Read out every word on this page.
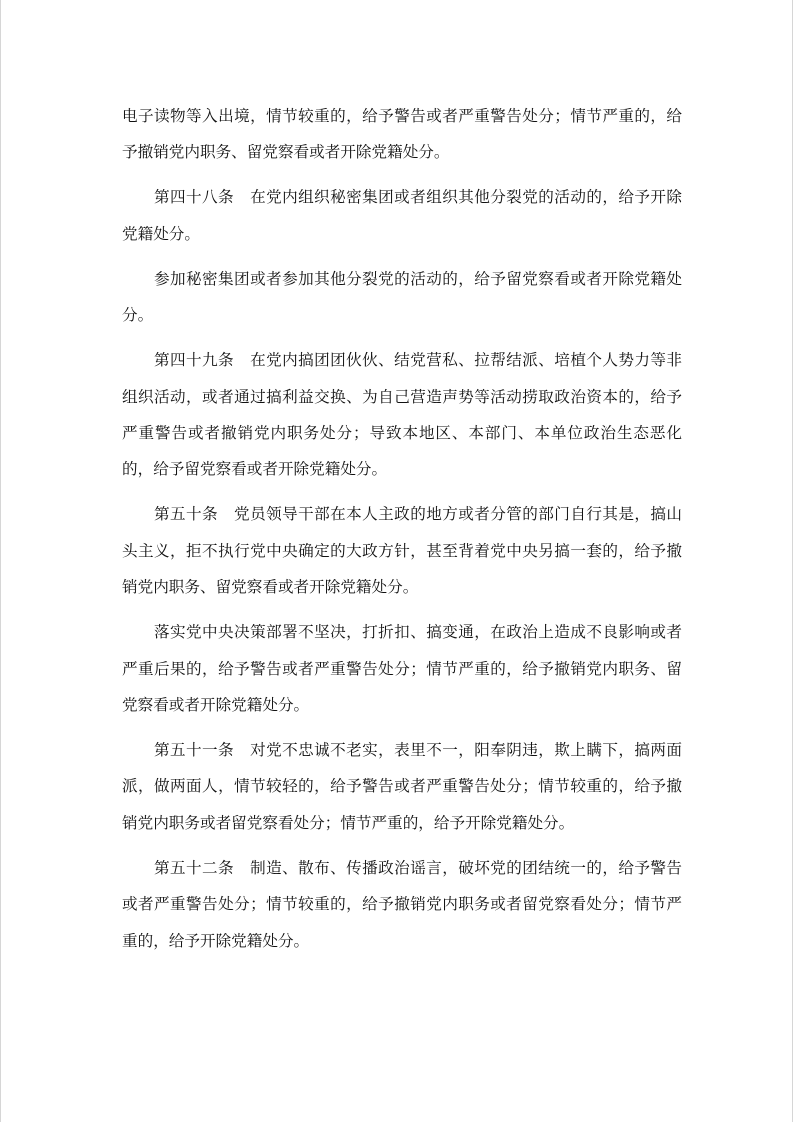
电子读物等入出境，情节较重的，给予警告或者严重警告处分；情节严重的，给予撤销党内职务、留党察看或者开除党籍处分。

第四十八条　在党内组织秘密集团或者组织其他分裂党的活动的，给予开除党籍处分。

参加秘密集团或者参加其他分裂党的活动的，给予留党察看或者开除党籍处分。

第四十九条　在党内搞团团伙伙、结党营私、拉帮结派、培植个人势力等非组织活动，或者通过搞利益交换、为自己营造声势等活动捞取政治资本的，给予严重警告或者撤销党内职务处分；导致本地区、本部门、本单位政治生态恶化的，给予留党察看或者开除党籍处分。

第五十条　党员领导干部在本人主政的地方或者分管的部门自行其是，搞山头主义，拒不执行党中央确定的大政方针，甚至背着党中央另搞一套的，给予撤销党内职务、留党察看或者开除党籍处分。

落实党中央决策部署不坚决，打折扣、搞变通，在政治上造成不良影响或者严重后果的，给予警告或者严重警告处分；情节严重的，给予撤销党内职务、留党察看或者开除党籍处分。

第五十一条　对党不忠诚不老实，表里不一，阳奉阴违，欺上瞒下，搞两面派，做两面人，情节较轻的，给予警告或者严重警告处分；情节较重的，给予撤销党内职务或者留党察看处分；情节严重的，给予开除党籍处分。

第五十二条　制造、散布、传播政治谣言，破坏党的团结统一的，给予警告或者严重警告处分；情节较重的，给予撤销党内职务或者留党察看处分；情节严重的，给予开除党籍处分。
